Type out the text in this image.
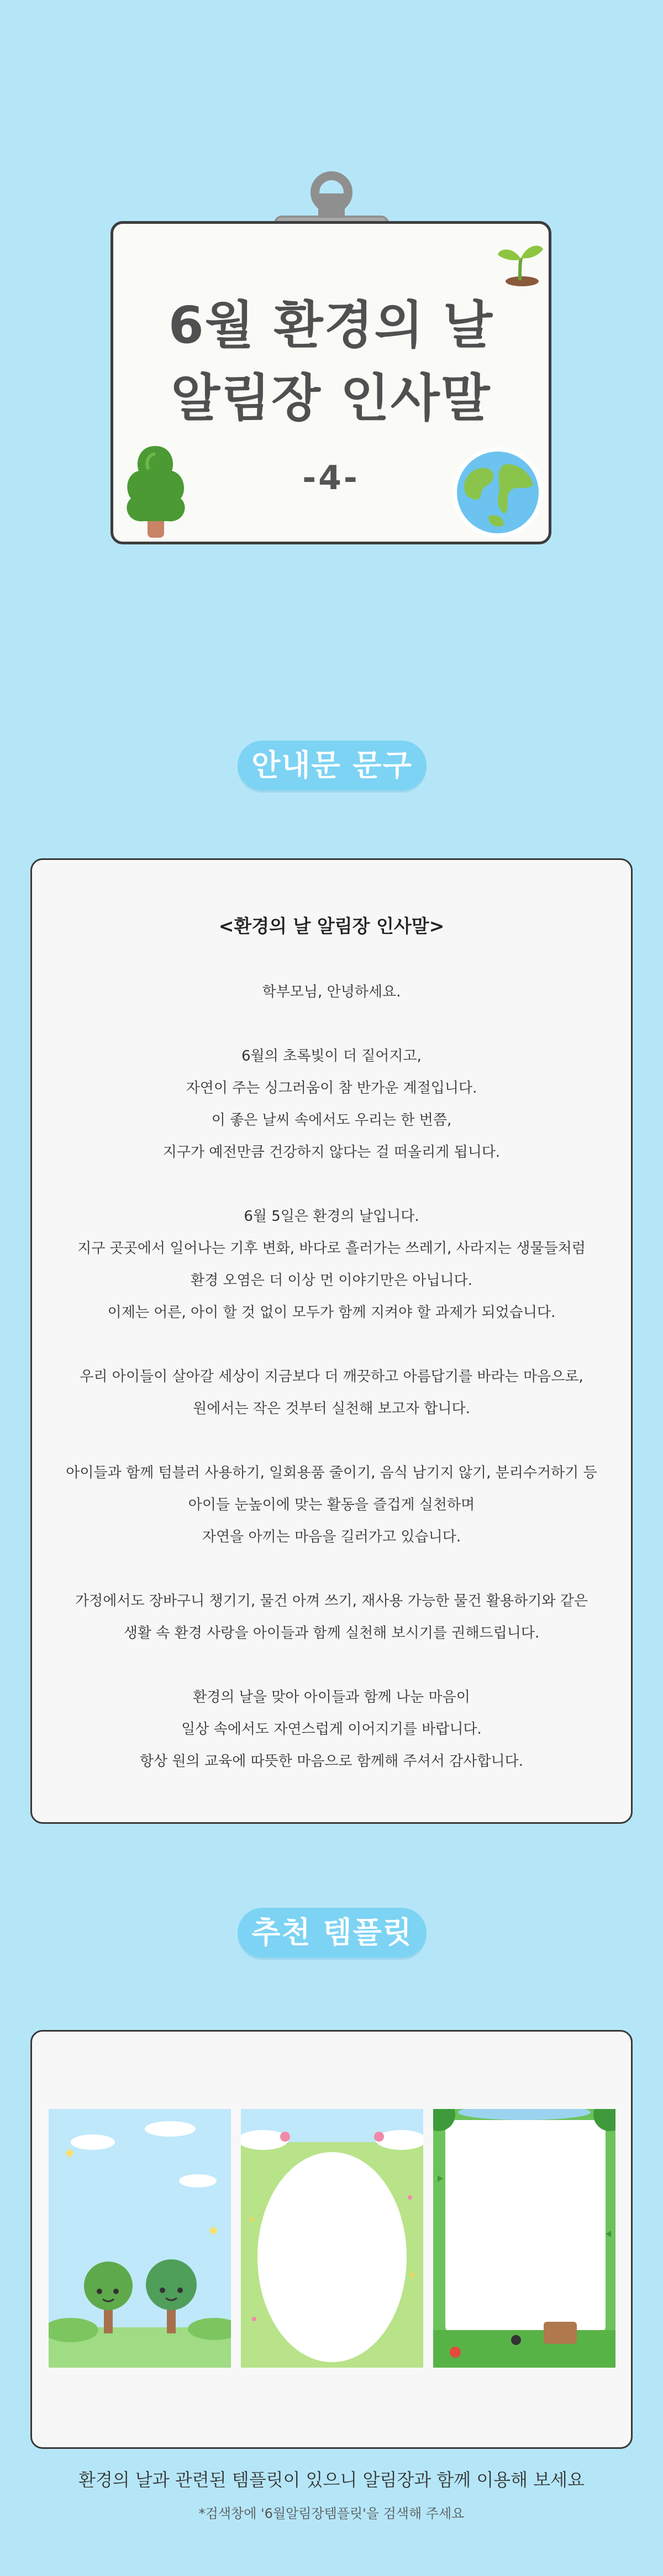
6월 환경의 날
알림장 인사말
-4-
안내문 문구
<환경의 날 알림장 인사말>

학부모님, 안녕하세요.

6월의 초록빛이 더 짙어지고,

자연이 주는 싱그러움이 참 반가운 계절입니다.

이 좋은 날씨 속에서도 우리는 한 번쯤,

지구가 예전만큼 건강하지 않다는 걸 떠올리게 됩니다.

6월 5일은 환경의 날입니다.

지구 곳곳에서 일어나는 기후 변화, 바다로 흘러가는 쓰레기, 사라지는 생물들처럼

환경 오염은 더 이상 먼 이야기만은 아닙니다.

이제는 어른, 아이 할 것 없이 모두가 함께 지켜야 할 과제가 되었습니다.

우리 아이들이 살아갈 세상이 지금보다 더 깨끗하고 아름답기를 바라는 마음으로,

원에서는 작은 것부터 실천해 보고자 합니다.

아이들과 함께 텀블러 사용하기, 일회용품 줄이기, 음식 남기지 않기, 분리수거하기 등

아이들 눈높이에 맞는 활동을 즐겁게 실천하며

자연을 아끼는 마음을 길러가고 있습니다.

가정에서도 장바구니 챙기기, 물건 아껴 쓰기, 재사용 가능한 물건 활용하기와 같은

생활 속 환경 사랑을 아이들과 함께 실천해 보시기를 권해드립니다.

환경의 날을 맞아 아이들과 함께 나눈 마음이

일상 속에서도 자연스럽게 이어지기를 바랍니다.

항상 원의 교육에 따뜻한 마음으로 함께해 주셔서 감사합니다.

추천 템플릿
환경의 날과 관련된 템플릿이 있으니 알림장과 함께 이용해 보세요
*검색창에 '6월알림장템플릿'을 검색해 주세요
